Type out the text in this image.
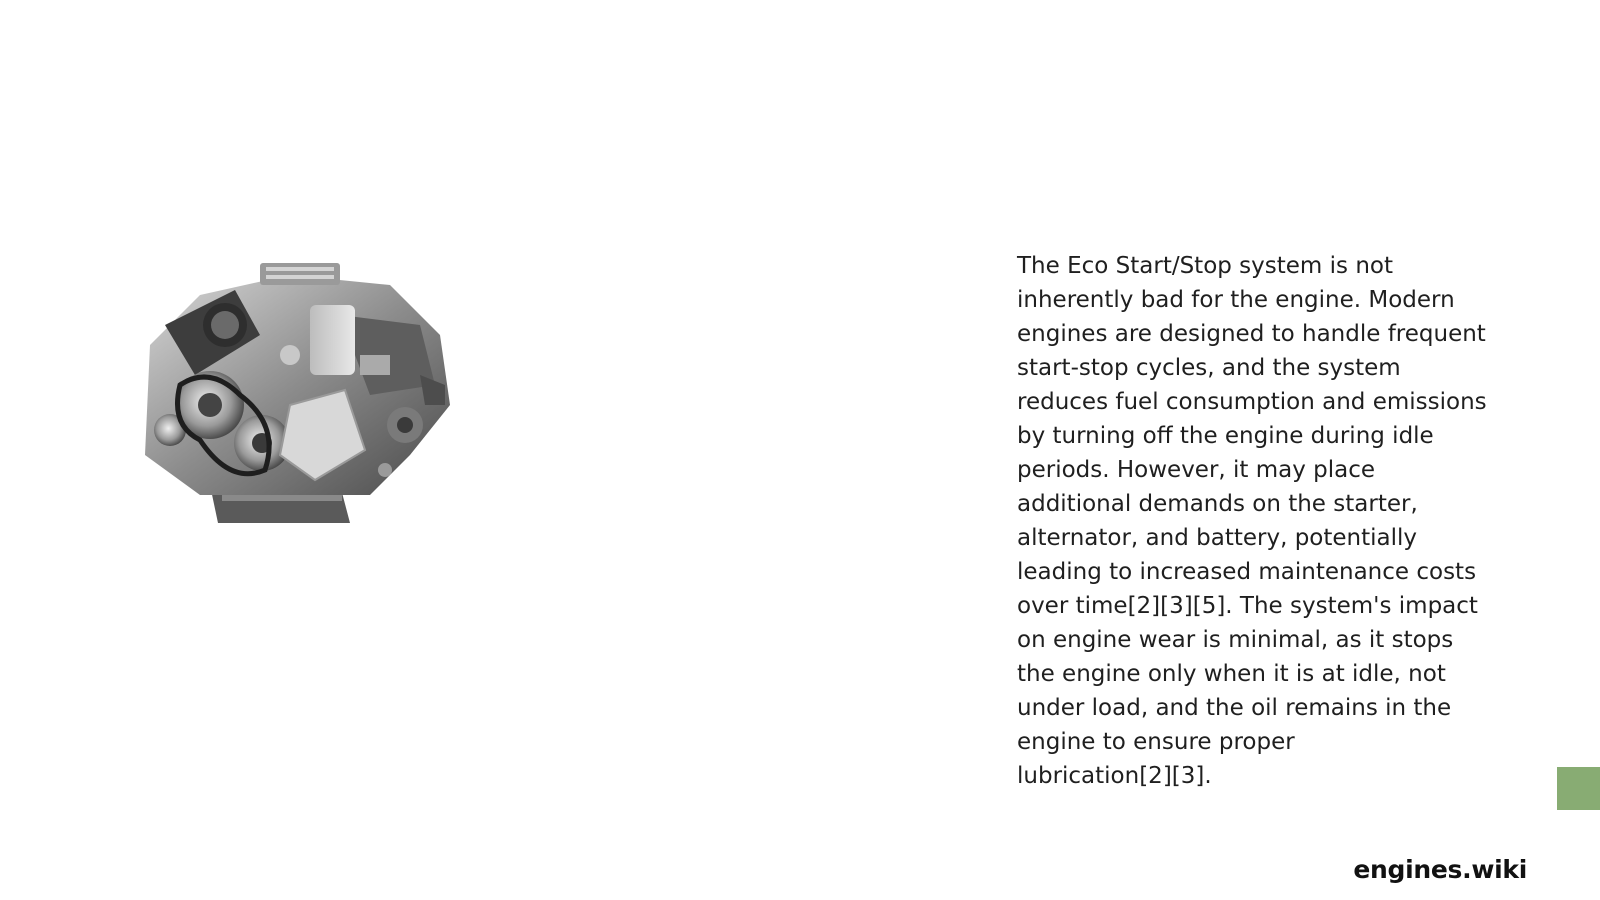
The Eco Start/Stop system is not
inherently bad for the engine. Modern
engines are designed to handle frequent
start-stop cycles, and the system
reduces fuel consumption and emissions
by turning off the engine during idle
periods. However, it may place
additional demands on the starter,
alternator, and battery, potentially
leading to increased maintenance costs
over time[2][3][5]. The system's impact
on engine wear is minimal, as it stops
the engine only when it is at idle, not
under load, and the oil remains in the
engine to ensure proper
lubrication[2][3].

engines.wiki
